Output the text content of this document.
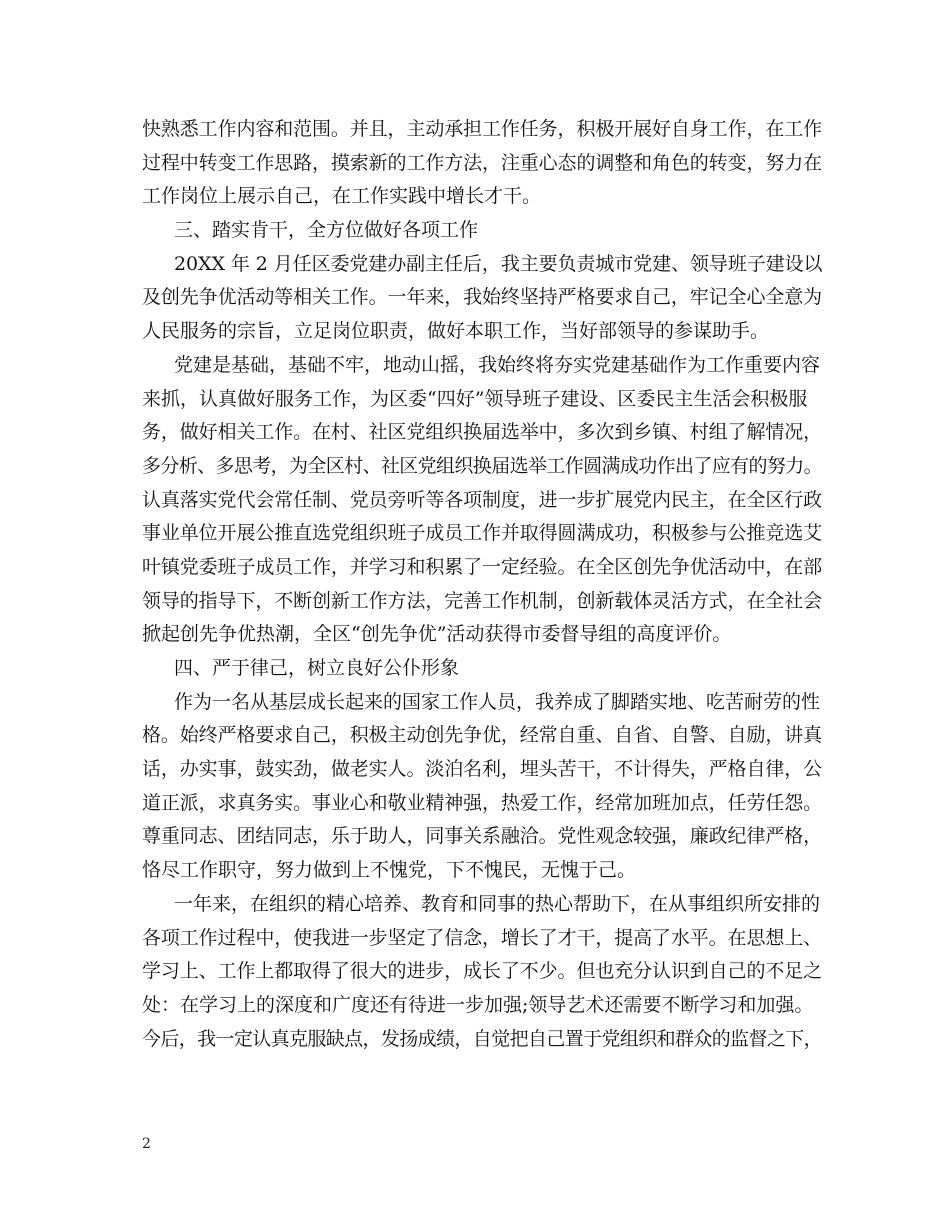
快熟悉工作内容和范围。并且，主动承担工作任务，积极开展好自身工作，在工作
过程中转变工作思路，摸索新的工作方法，注重心态的调整和角色的转变，努力在
工作岗位上展示自己，在工作实践中增长才干。
三、踏实肯干，全方位做好各项工作
20XX 年 2 月任区委党建办副主任后，我主要负责城市党建、领导班子建设以
及创先争优活动等相关工作。一年来，我始终坚持严格要求自己，牢记全心全意为
人民服务的宗旨，立足岗位职责，做好本职工作，当好部领导的参谋助手。
党建是基础，基础不牢，地动山摇，我始终将夯实党建基础作为工作重要内容
来抓，认真做好服务工作，为区委“四好”领导班子建设、区委民主生活会积极服
务，做好相关工作。在村、社区党组织换届选举中，多次到乡镇、村组了解情况，
多分析、多思考，为全区村、社区党组织换届选举工作圆满成功作出了应有的努力。
认真落实党代会常任制、党员旁听等各项制度，进一步扩展党内民主，在全区行政
事业单位开展公推直选党组织班子成员工作并取得圆满成功，积极参与公推竞选艾
叶镇党委班子成员工作，并学习和积累了一定经验。在全区创先争优活动中，在部
领导的指导下，不断创新工作方法，完善工作机制，创新载体灵活方式，在全社会
掀起创先争优热潮，全区“创先争优”活动获得市委督导组的高度评价。
四、严于律己，树立良好公仆形象
作为一名从基层成长起来的国家工作人员，我养成了脚踏实地、吃苦耐劳的性
格。始终严格要求自己，积极主动创先争优，经常自重、自省、自警、自励，讲真
话，办实事，鼓实劲，做老实人。淡泊名利，埋头苦干，不计得失，严格自律，公
道正派，求真务实。事业心和敬业精神强，热爱工作，经常加班加点，任劳任怨。
尊重同志、团结同志，乐于助人，同事关系融洽。党性观念较强，廉政纪律严格，
恪尽工作职守，努力做到上不愧党，下不愧民，无愧于己。
一年来，在组织的精心培养、教育和同事的热心帮助下，在从事组织所安排的
各项工作过程中，使我进一步坚定了信念，增长了才干，提高了水平。在思想上、
学习上、工作上都取得了很大的进步，成长了不少。但也充分认识到自己的不足之
处：在学习上的深度和广度还有待进一步加强;领导艺术还需要不断学习和加强。
今后，我一定认真克服缺点，发扬成绩，自觉把自己置于党组织和群众的监督之下，
2
